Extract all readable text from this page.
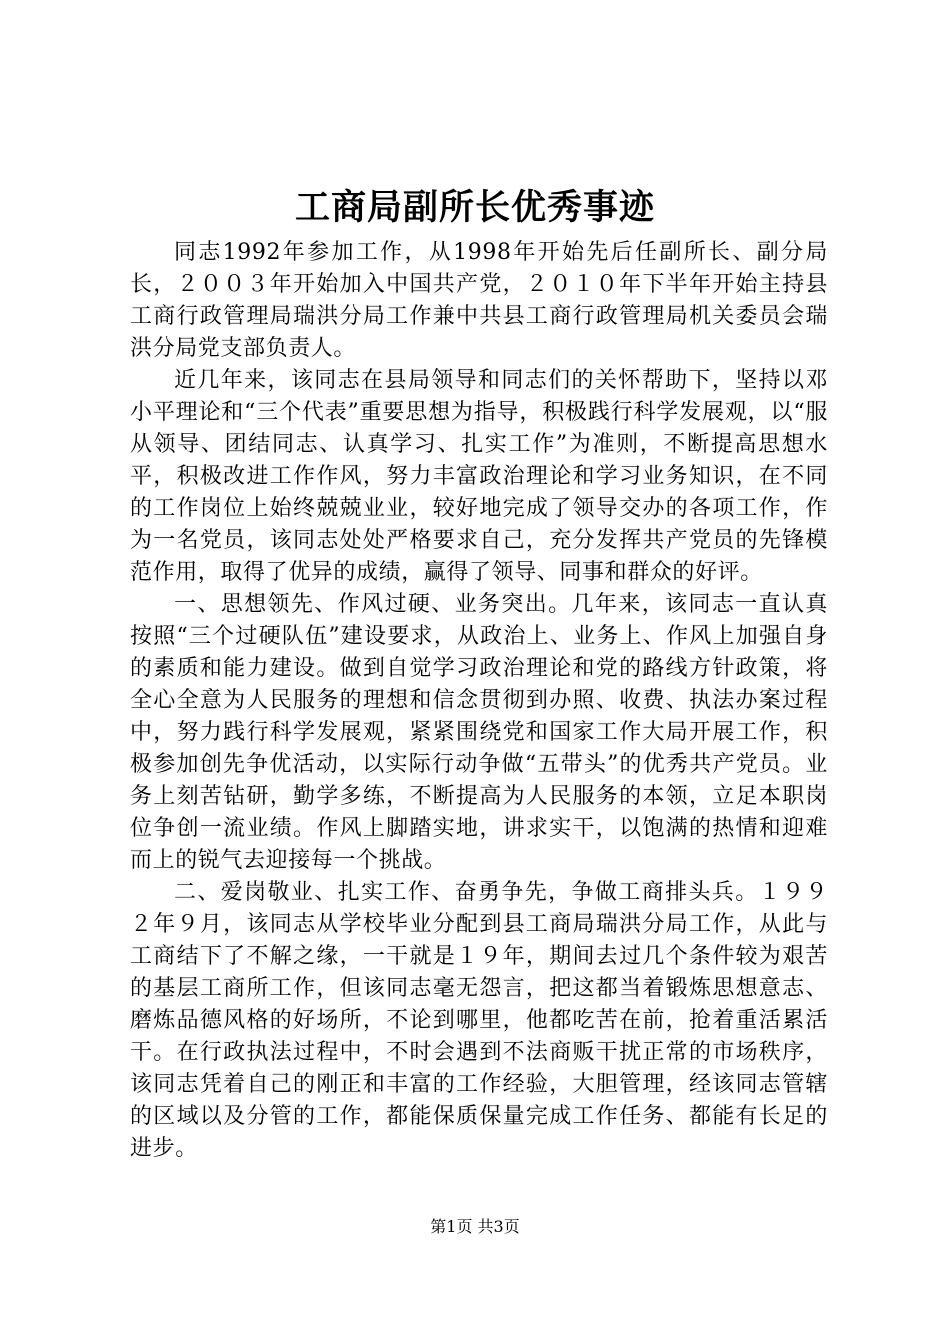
工商局副所长优秀事迹

同志1992年参加工作，从1998年开始先后任副所长、副分局长，２００３年开始加入中国共产党，２０１０年下半年开始主持县工商行政管理局瑞洪分局工作兼中共县工商行政管理局机关委员会瑞洪分局党支部负责人。

近几年来，该同志在县局领导和同志们的关怀帮助下，坚持以邓小平理论和“三个代表”重要思想为指导，积极践行科学发展观，以“服从领导、团结同志、认真学习、扎实工作”为准则，不断提高思想水平，积极改进工作作风，努力丰富政治理论和学习业务知识，在不同的工作岗位上始终兢兢业业，较好地完成了领导交办的各项工作，作为一名党员，该同志处处严格要求自己，充分发挥共产党员的先锋模范作用，取得了优异的成绩，赢得了领导、同事和群众的好评。

一、思想领先、作风过硬、业务突出。几年来，该同志一直认真按照“三个过硬队伍”建设要求，从政治上、业务上、作风上加强自身的素质和能力建设。做到自觉学习政治理论和党的路线方针政策，将全心全意为人民服务的理想和信念贯彻到办照、收费、执法办案过程中，努力践行科学发展观，紧紧围绕党和国家工作大局开展工作，积极参加创先争优活动，以实际行动争做“五带头”的优秀共产党员。业务上刻苦钻研，勤学多练，不断提高为人民服务的本领，立足本职岗位争创一流业绩。作风上脚踏实地，讲求实干，以饱满的热情和迎难而上的锐气去迎接每一个挑战。

二、爱岗敬业、扎实工作、奋勇争先，争做工商排头兵。１９９２年９月，该同志从学校毕业分配到县工商局瑞洪分局工作，从此与工商结下了不解之缘，一干就是１９年，期间去过几个条件较为艰苦的基层工商所工作，但该同志毫无怨言，把这都当着锻炼思想意志、磨炼品德风格的好场所，不论到哪里，他都吃苦在前，抢着重活累活干。在行政执法过程中，不时会遇到不法商贩干扰正常的市场秩序，该同志凭着自己的刚正和丰富的工作经验，大胆管理，经该同志管辖的区域以及分管的工作，都能保质保量完成工作任务、都能有长足的进步。

第1页 共3页
